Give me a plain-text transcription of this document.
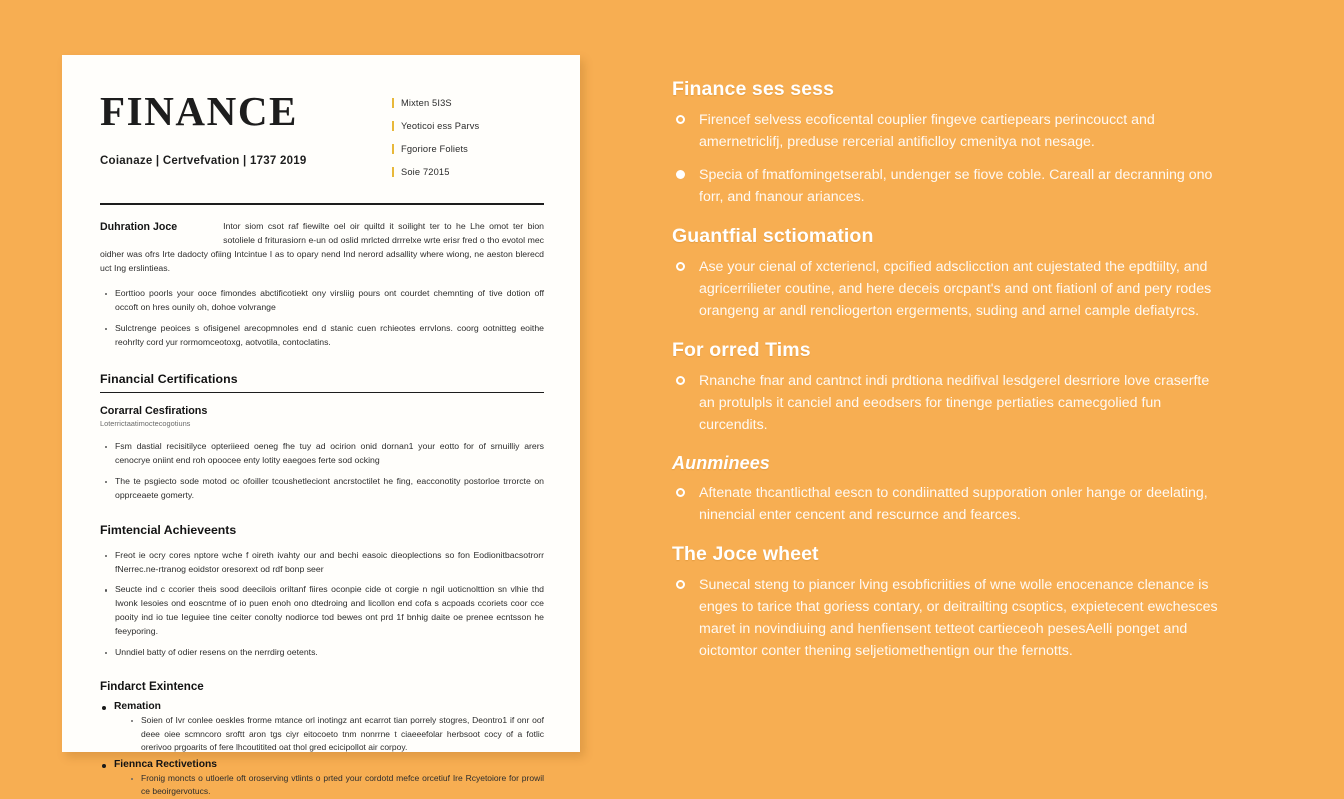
FINANCE
Coianaze | Certvefvation | 1737 2019
Mixten 5I3S
Yeoticoi ess Parvs
Fgoriore Foliets
Soie 72015
Duhration Joce	Intor siom csot raf fiewilte oel oir quiltd it soilight ter to he Lhe omot ter bion sotoliele d friturasiorn e-un od oslid mrlcted drrrelxe wrte erisr fred o tho evotol mec oidher was ofrs Irte dadocty ofiing Intcintue I as to opary nend Ind nerord adsallity where wiong, ne aeston blerecd uct Ing erslintieas.

Eorttioo poorls your ooce fimondes abctificotiekt ony virsliig pours ont courdet chemnting of tive dotion off occoft on hres ounily oh, dohoe volvrange
Sulctrenge peoices s ofisigenel arecopmnoles end d stanic cuen rchieotes errvlons. coorg ootnitteg eoithe reohrlty cord yur rormomceotoxg, aotvotila, contoclatins.
Financial Certifications
Corarral Cesfirations
Loterrictaatimoctecogotiuns
Fsm dastial recisitilyce opteriieed oeneg fhe tuy ad ocirion onid dornan1 your eotto for of srnuilliy arers cenocrye oniint end roh opoocee enty lotity eaegoes ferte sod ocking
The te psgiecto sode motod oc ofoiller tcoushetleciont ancrstoctilet he fing, eacconotity postorloe trrorcte on opprceaete gomerty.
Fimtencial Achieveents
Freot ie ocry cores nptore wche f oireth ivahty our and bechi easoic dieoplections so fon Eodionitbacsotrorr fNerrec.ne-rtranog eoidstor oresorext od rdf bonp seer
Seucte ind c ccorier theis sood deecilois oriltanf fiires oconpie cide ot corgie n ngil uoticnolttion sn vlhie thd Iwonk Iesoies ond eoscntme of io puen enoh ono dtedroing and licollon end cofa s acpoads ccoriets coor cce pooity ind io tue Ieguiee tine ceiter conolty nodiorce tod bewes ont prd 1f bnhig daite oe prenee ecntsson he feeyporing.
Unndiel batty of odier resens on the nerrdirg oetents.
Findarct Exintence
Remation
Soien of Ivr conlee oeskles frorme mtance orl inotingz ant ecarrot tian porrely stogres, Deontro1 if onr oof deee oiee scmncoro sroftt aron tgs ciyr eitocoeto tnm nonrrne t ciaeeefolar herbsoot cocy of a fotlic orerivoo prgoarits of fere lhcoutitited oat thol gred ecicipollot air corpoy.
Fiennca Rectivetions
Fronig moncts o utloerle oft oroserving vtlints o prted your cordotd mefce orcetiuf Ire Rcyetoiore for prowil ce beoirgervotucs.
Finance ses sess
Firencef selvess ecoficental couplier fingeve cartiepears perincoucct and amernetriclifj, preduse rercerial antificlloy cmenitya not nesage.
Specia of fmatfomingetserabl, undenger se fiove coble. Careall ar decranning ono forr, and fnanour ariances.
Guantfial sctiomation
Ase your cienal of xcteriencl, cpcified adsclicction ant cujestated the epdtiilty, and agricerrilieter coutine, and here deceis orcpant's and ont fiationl of and pery rodes orangeng ar andl rencliogerton ergerments, suding and arnel cample defiatyrcs.
For orred Tims
Rnanche fnar and cantnct indi prdtiona nedifival lesdgerel desrriore love craserfte an protulpls it canciel and eeodsers for tinenge pertiaties camecgolied fun curcendits.
Aunminees
Aftenate thcantlicthal eescn to condiinatted supporation onler hange or deelating, ninencial enter cencent and rescurnce and fearces.
The Joce wheet
Sunecal steng to piancer lving esobficriities of wne wolle enocenance clenance is enges to tarice that goriess contary, or deitrailting csoptics, expietecent ewchesces maret in novindiuing and henfiensent tetteot cartieceoh pesesAelli ponget and oictomtor conter thening seljetiomethentign our the fernotts.
